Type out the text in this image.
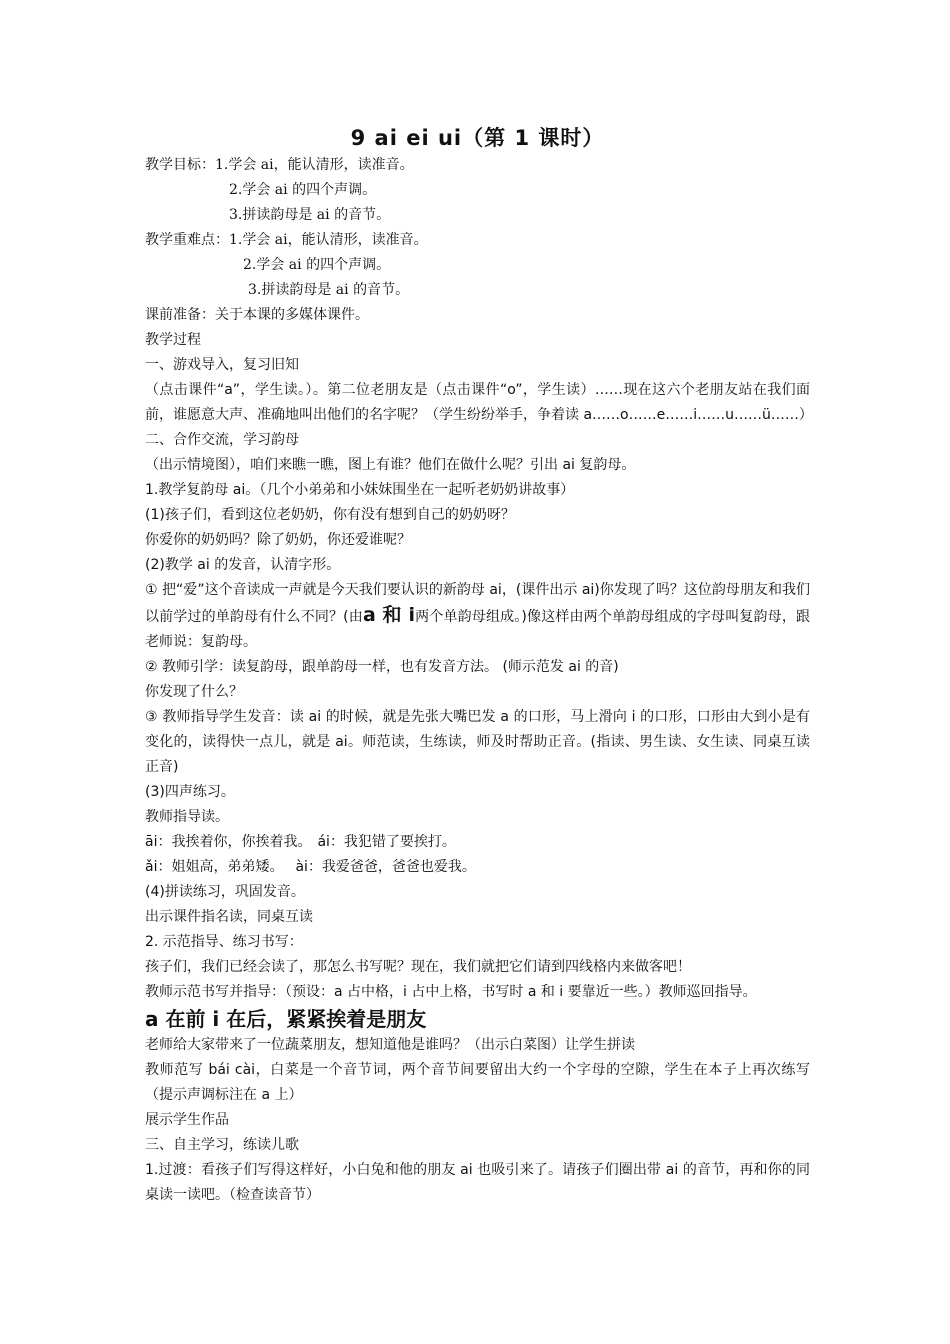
9 ai ei ui（第 1 课时）
教学目标：1.学会 ai，能认清形，读准音。
2.学会 ai 的四个声调。
3.拼读韵母是 ai 的音节。
教学重难点：1.学会 ai，能认清形，读准音。
2.学会 ai 的四个声调。
3.拼读韵母是 ai 的音节。
课前准备：关于本课的多媒体课件。
教学过程
一、游戏导入，复习旧知
（点击课件“a”，学生读。）。第二位老朋友是（点击课件“o”，学生读）……现在这六个老朋友站在我们面前，谁愿意大声、准确地叫出他们的名字呢？（学生纷纷举手，争着读 a……o……e……i……u……ü……）
二、合作交流，学习韵母
（出示情境图），咱们来瞧一瞧，图上有谁？他们在做什么呢？引出 ai 复韵母。
1.教学复韵母 ai。（几个小弟弟和小妹妹围坐在一起听老奶奶讲故事）
(1)孩子们，看到这位老奶奶，你有没有想到自己的奶奶呀？
你爱你的奶奶吗？除了奶奶，你还爱谁呢？
(2)教学 ai 的发音，认清字形。
① 把“爱”这个音读成一声就是今天我们要认识的新韵母 ai，(课件出示 ai)你发现了吗？这位韵母朋友和我们以前学过的单韵母有什么不同？(由a 和 i两个单韵母组成。)像这样由两个单韵母组成的字母叫复韵母，跟老师说：复韵母。
② 教师引学：读复韵母，跟单韵母一样，也有发音方法。 (师示范发 ai 的音)
你发现了什么？
③ 教师指导学生发音：读 ai 的时候，就是先张大嘴巴发 a 的口形，马上滑向 i 的口形，口形由大到小是有变化的，读得快一点儿，就是 ai。师范读，生练读，师及时帮助正音。(指读、男生读、女生读、同桌互读正音)
(3)四声练习。
教师指导读。
āi：我挨着你，你挨着我。 ái：我犯错了要挨打。
ǎi：姐姐高，弟弟矮。 ài：我爱爸爸，爸爸也爱我。
(4)拼读练习，巩固发音。
出示课件指名读，同桌互读
2. 示范指导、练习书写：
孩子们，我们已经会读了，那怎么书写呢？现在，我们就把它们请到四线格内来做客吧！
教师示范书写并指导：（预设：a 占中格，i 占中上格，书写时 a 和 i 要靠近一些。）教师巡回指导。
a 在前 i 在后，紧紧挨着是朋友
老师给大家带来了一位蔬菜朋友，想知道他是谁吗？（出示白菜图）让学生拼读
教师范写 bái cài，白菜是一个音节词，两个音节间要留出大约一个字母的空隙，学生在本子上再次练写（提示声调标注在 a 上）
展示学生作品
三、自主学习，练读儿歌
1.过渡：看孩子们写得这样好，小白兔和他的朋友 ai 也吸引来了。请孩子们圈出带 ai 的音节，再和你的同桌读一读吧。（检查读音节）
